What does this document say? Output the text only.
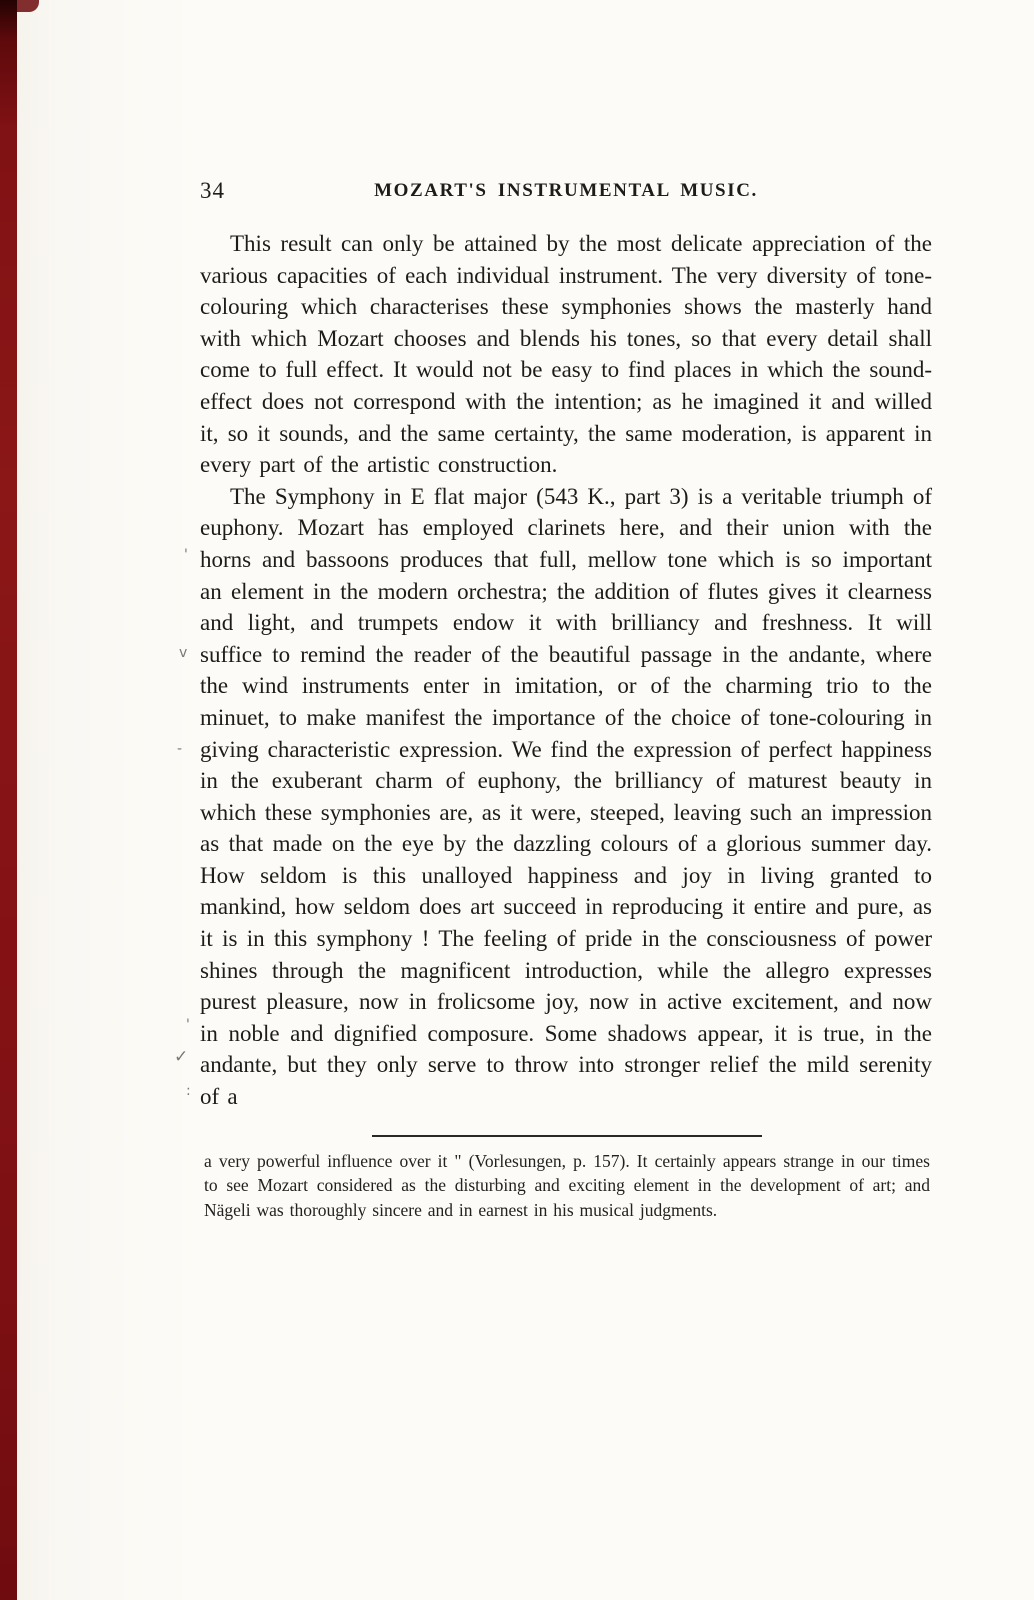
'
v
-
'
✓
:
34	MOZART'S INSTRUMENTAL MUSIC.

This result can only be attained by the most delicate appreciation of the various capacities of each individual instrument. The very diversity of tone-colouring which characterises these symphonies shows the masterly hand with which Mozart chooses and blends his tones, so that every detail shall come to full effect. It would not be easy to find places in which the sound-effect does not correspond with the intention; as he imagined it and willed it, so it sounds, and the same certainty, the same moderation, is apparent in every part of the artistic construction.

The Symphony in E flat major (543 K., part 3) is a veritable triumph of euphony. Mozart has employed clarinets here, and their union with the horns and bassoons produces that full, mellow tone which is so important an element in the modern orchestra; the addition of flutes gives it clearness and light, and trumpets endow it with brilliancy and freshness. It will suffice to remind the reader of the beautiful passage in the andante, where the wind instruments enter in imitation, or of the charming trio to the minuet, to make manifest the importance of the choice of tone-colouring in giving characteristic expression. We find the expression of perfect happiness in the exuberant charm of euphony, the brilliancy of maturest beauty in which these symphonies are, as it were, steeped, leaving such an impression as that made on the eye by the dazzling colours of a glorious summer day. How seldom is this unalloyed happiness and joy in living granted to mankind, how seldom does art succeed in reproducing it entire and pure, as it is in this symphony ! The feeling of pride in the consciousness of power shines through the magnificent introduction, while the allegro expresses purest pleasure, now in frolicsome joy, now in active excitement, and now in noble and dignified composure. Some shadows appear, it is true, in the andante, but they only serve to throw into stronger relief the mild serenity of a

a very powerful influence over it " (Vorlesungen, p. 157). It certainly appears strange in our times to see Mozart considered as the disturbing and exciting element in the development of art; and Nägeli was thoroughly sincere and in earnest in his musical judgments.
